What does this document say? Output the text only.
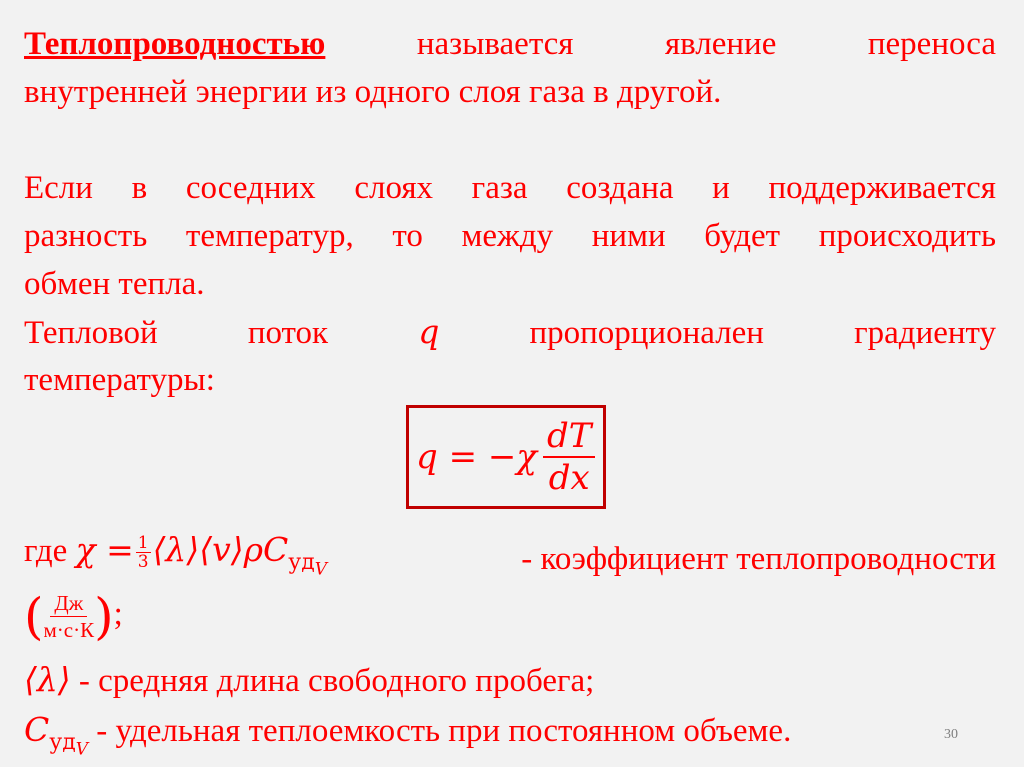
Теплопроводностью	называется явление переноса
внутренней энергии из одного слоя газа в другой.
Если в соседних слоях газа создана и поддерживается
разность температур, то между ними будет происходить
обмен тепла.
Тепловой	поток	q	пропорционален	градиенту
температуры:
$q = -\chi \frac{dT}{dx}$
где $\chi = \frac{1}{3}$ $⟨\lambda⟩⟨v⟩\rho C_{уд_V}$	- коэффициент теплопроводности
( Дж
м·с·К );
⟨λ⟩ - средняя длина свободного пробега;
$C_{уд_V}$ - удельная теплоемкость при постоянном объеме.	30
